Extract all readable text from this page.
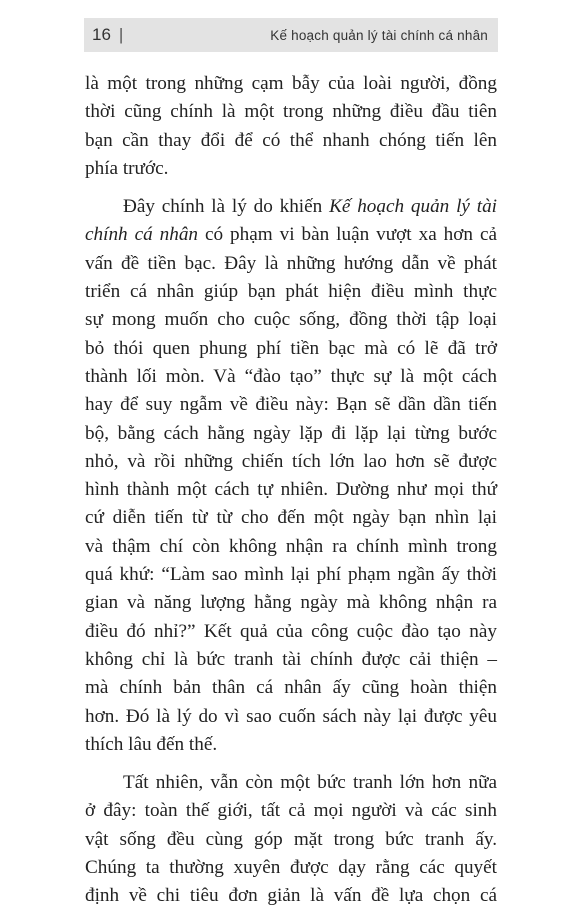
16 |	Kế hoạch quản lý tài chính cá nhân
là một trong những cạm bẫy của loài người, đồng
thời cũng chính là một trong những điều đầu tiên
bạn cần thay đổi để có thể nhanh chóng tiến lên
phía trước.
Đây chính là lý do khiến Kế hoạch quản lý tài
chính cá nhân có phạm vi bàn luận vượt xa hơn cả
vấn đề tiền bạc. Đây là những hướng dẫn về phát
triển cá nhân giúp bạn phát hiện điều mình thực
sự mong muốn cho cuộc sống, đồng thời tập loại
bỏ thói quen phung phí tiền bạc mà có lẽ đã trở
thành lối mòn. Và “đào tạo” thực sự là một cách
hay để suy ngẫm về điều này: Bạn sẽ dần dần tiến
bộ, bằng cách hằng ngày lặp đi lặp lại từng bước
nhỏ, và rồi những chiến tích lớn lao hơn sẽ được
hình thành một cách tự nhiên. Dường như mọi thứ
cứ diễn tiến từ từ cho đến một ngày bạn nhìn lại
và thậm chí còn không nhận ra chính mình trong
quá khứ: “Làm sao mình lại phí phạm ngần ấy thời
gian và năng lượng hằng ngày mà không nhận ra
điều đó nhỉ?” Kết quả của công cuộc đào tạo này
không chỉ là bức tranh tài chính được cải thiện –
mà chính bản thân cá nhân ấy cũng hoàn thiện
hơn. Đó là lý do vì sao cuốn sách này lại được yêu
thích lâu đến thế.
Tất nhiên, vẫn còn một bức tranh lớn hơn nữa
ở đây: toàn thế giới, tất cả mọi người và các sinh
vật sống đều cùng góp mặt trong bức tranh ấy.
Chúng ta thường xuyên được dạy rằng các quyết
định về chi tiêu đơn giản là vấn đề lựa chọn cá
